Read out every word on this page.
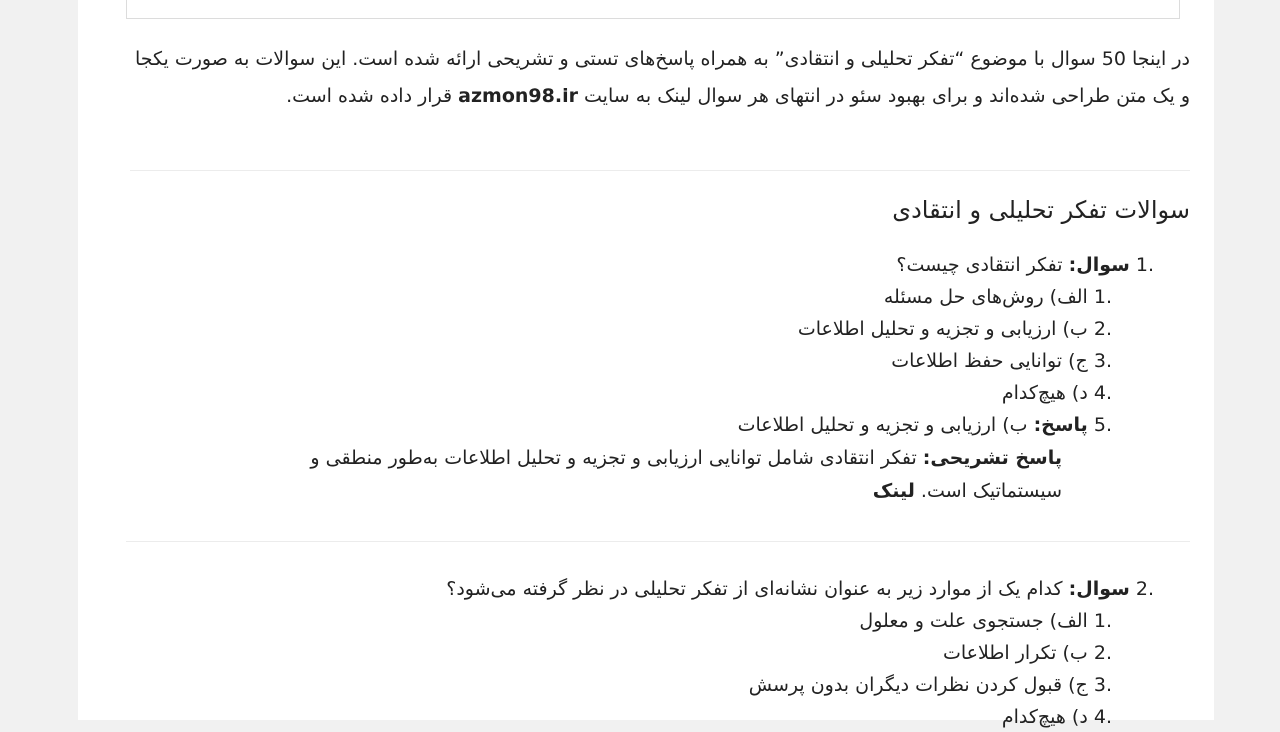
در اینجا 50 سوال با موضوع “تفکر تحلیلی و انتقادی” به همراه پاسخ‌های تستی و تشریحی ارائه شده است. این سوالات به صورت یکجا و یک متن طراحی شده‌اند و برای بهبود سئو در انتهای هر سوال لینک به سایت azmon98.ir قرار داده شده است.

سوالات تفکر تحلیلی و انتقادی
1. سوال: تفکر انتقادی چیست؟
1. الف) روش‌های حل مسئله
2. ب) ارزیابی و تجزیه و تحلیل اطلاعات
3. ج) توانایی حفظ اطلاعات
4. د) هیچ‌کدام
5. پاسخ: ب) ارزیابی و تجزیه و تحلیل اطلاعات

پاسخ تشریحی: تفکر انتقادی شامل توانایی ارزیابی و تجزیه و تحلیل اطلاعات به‌طور منطقی و سیستماتیک است. لینک

2. سوال: کدام یک از موارد زیر به عنوان نشانه‌ای از تفکر تحلیلی در نظر گرفته می‌شود؟
1. الف) جستجوی علت و معلول
2. ب) تکرار اطلاعات
3. ج) قبول کردن نظرات دیگران بدون پرسش
4. د) هیچ‌کدام
